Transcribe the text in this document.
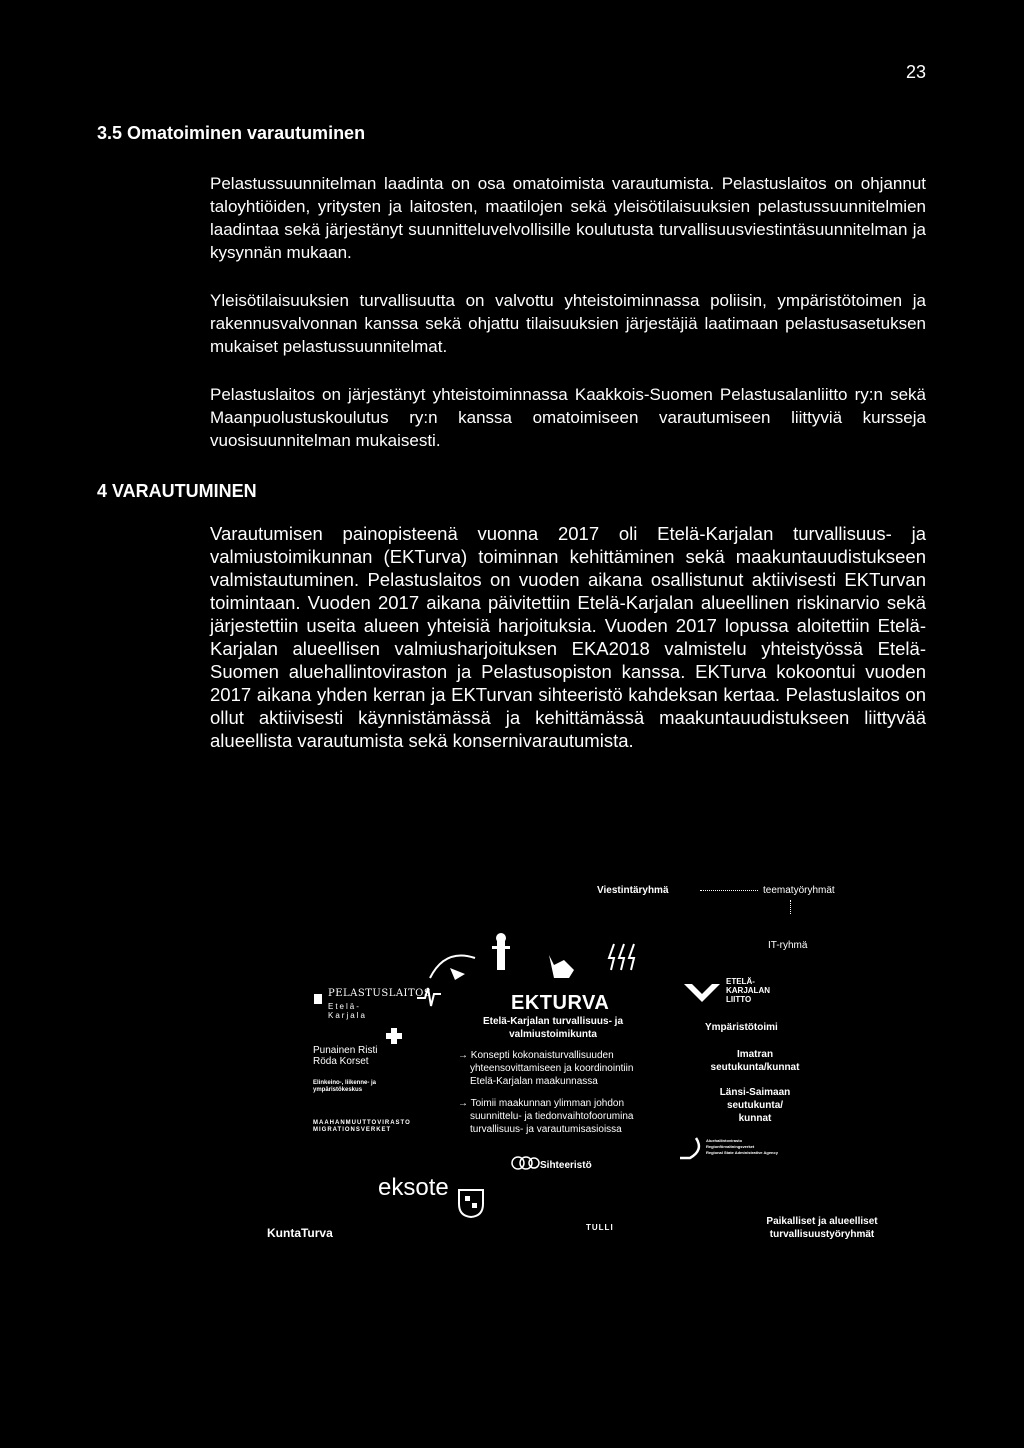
23
3.5 Omatoiminen varautuminen

Pelastussuunnitelman laadinta on osa omatoimista varautumista. Pelastuslaitos on ohjannut taloyhtiöiden, yritysten ja laitosten, maatilojen sekä yleisötilaisuuksien pelastussuunnitelmien laadintaa sekä järjestänyt suunnitteluvelvollisille koulutusta turvallisuusviestintäsuunnitelman ja kysynnän mukaan.

Yleisötilaisuuksien turvallisuutta on valvottu yhteistoiminnassa poliisin, ympäristötoimen ja rakennusvalvonnan kanssa sekä ohjattu tilaisuuksien järjestäjiä laatimaan pelastusasetuksen mukaiset pelastussuunnitelmat.

Pelastuslaitos on järjestänyt yhteistoiminnassa Kaakkois-Suomen Pelastusalanliitto ry:n sekä Maanpuolustuskoulutus ry:n kanssa omatoimiseen varautumiseen liittyviä kursseja vuosisuunnitelman mukaisesti.

4 VARAUTUMINEN

Varautumisen painopisteenä vuonna 2017 oli Etelä-Karjalan turvallisuus- ja valmiustoimikunnan (EKTurva) toiminnan kehittäminen sekä maakuntauudistukseen valmistautuminen. Pelastuslaitos on vuoden aikana osallistunut aktiivisesti EKTurvan toimintaan. Vuoden 2017 aikana päivitettiin Etelä-Karjalan alueellinen riskinarvio sekä järjestettiin useita alueen yhteisiä harjoituksia. Vuoden 2017 lopussa aloitettiin Etelä-Karjalan alueellisen valmiusharjoituksen EKA2018 valmistelu yhteistyössä Etelä-Suomen aluehallintoviraston ja Pelastusopiston kanssa. EKTurva kokoontui vuoden 2017 aikana yhden kerran ja EKTurvan sihteeristö kahdeksan kertaa. Pelastuslaitos on ollut aktiivisesti käynnistämässä ja kehittämässä maakuntauudistukseen liittyvää alueellista varautumista sekä konsernivarautumista.

Viestintäryhmä	teematyöryhmät
IT-ryhmä
PELASTUSLAITOS
Etelä-Karjala
Punainen Risti
Röda Korset
Elinkeino-, liikenne- ja
ympäristökeskus
MAAHANMUUTTOVIRASTO
MIGRATIONSVERKET
EKTURVA
Etelä-Karjalan turvallisuus- ja
valmiustoimikunta
→ Konsepti kokonaisturvallisuuden
yhteensovittamiseen ja koordinointiin
Etelä-Karjalan maakunnassa
→ Toimii maakunnan ylimman johdon
suunnittelu- ja tiedonvaihtofoorumina
turvallisuus- ja varautumisasioissa
Sihteeristö
eksote
TULLI
KuntaTurva
ETELÄ-
KARJALAN
LIITTO
Ympäristötoimi
Imatran
seutukunta/kunnat
Länsi-Saimaan
seutukunta/
kunnat
Aluehallintovirasto
Regionförvaltningsverket
Regional State Administrative Agency
Paikalliset ja alueelliset
turvallisuustyöryhmät
